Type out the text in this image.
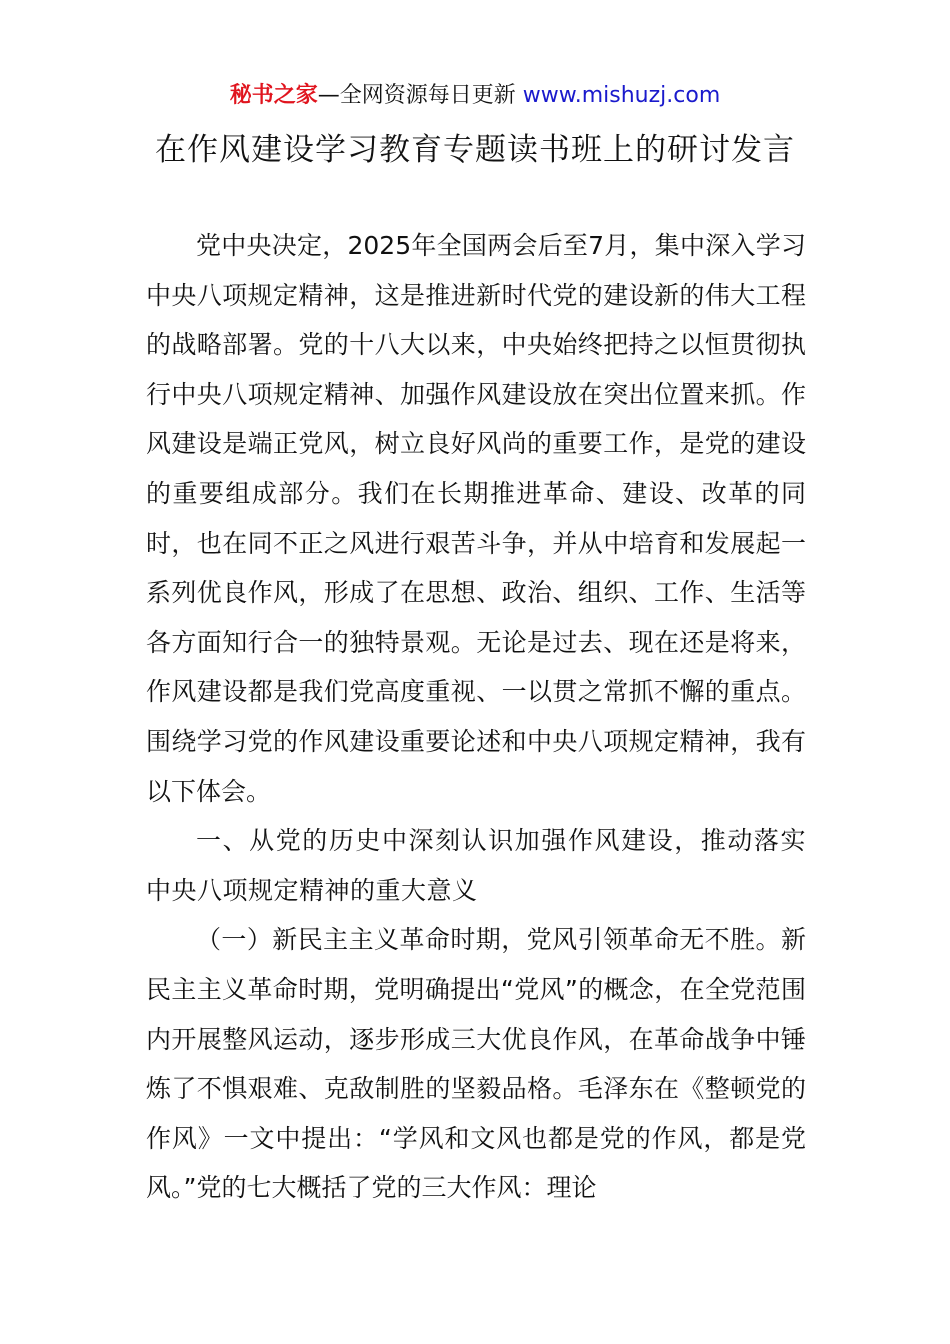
秘书之家—全网资源每日更新 www.mishuzj.com
在作风建设学习教育专题读书班上的研讨发言

党中央决定，2025年全国两会后至7月，集中深入学习中央八项规定精神，这是推进新时代党的建设新的伟大工程的战略部署。党的十八大以来，中央始终把持之以恒贯彻执行中央八项规定精神、加强作风建设放在突出位置来抓。作风建设是端正党风，树立良好风尚的重要工作，是党的建设的重要组成部分。我们在长期推进革命、建设、改革的同时，也在同不正之风进行艰苦斗争，并从中培育和发展起一系列优良作风，形成了在思想、政治、组织、工作、生活等各方面知行合一的独特景观。无论是过去、现在还是将来，作风建设都是我们党高度重视、一以贯之常抓不懈的重点。围绕学习党的作风建设重要论述和中央八项规定精神，我有以下体会。

一、从党的历史中深刻认识加强作风建设，推动落实中央八项规定精神的重大意义

（一）新民主主义革命时期，党风引领革命无不胜。新民主主义革命时期，党明确提出“党风”的概念，在全党范围内开展整风运动，逐步形成三大优良作风，在革命战争中锤炼了不惧艰难、克敌制胜的坚毅品格。毛泽东在《整顿党的作风》一文中提出：“学风和文风也都是党的作风，都是党风。”党的七大概括了党的三大作风：理论
